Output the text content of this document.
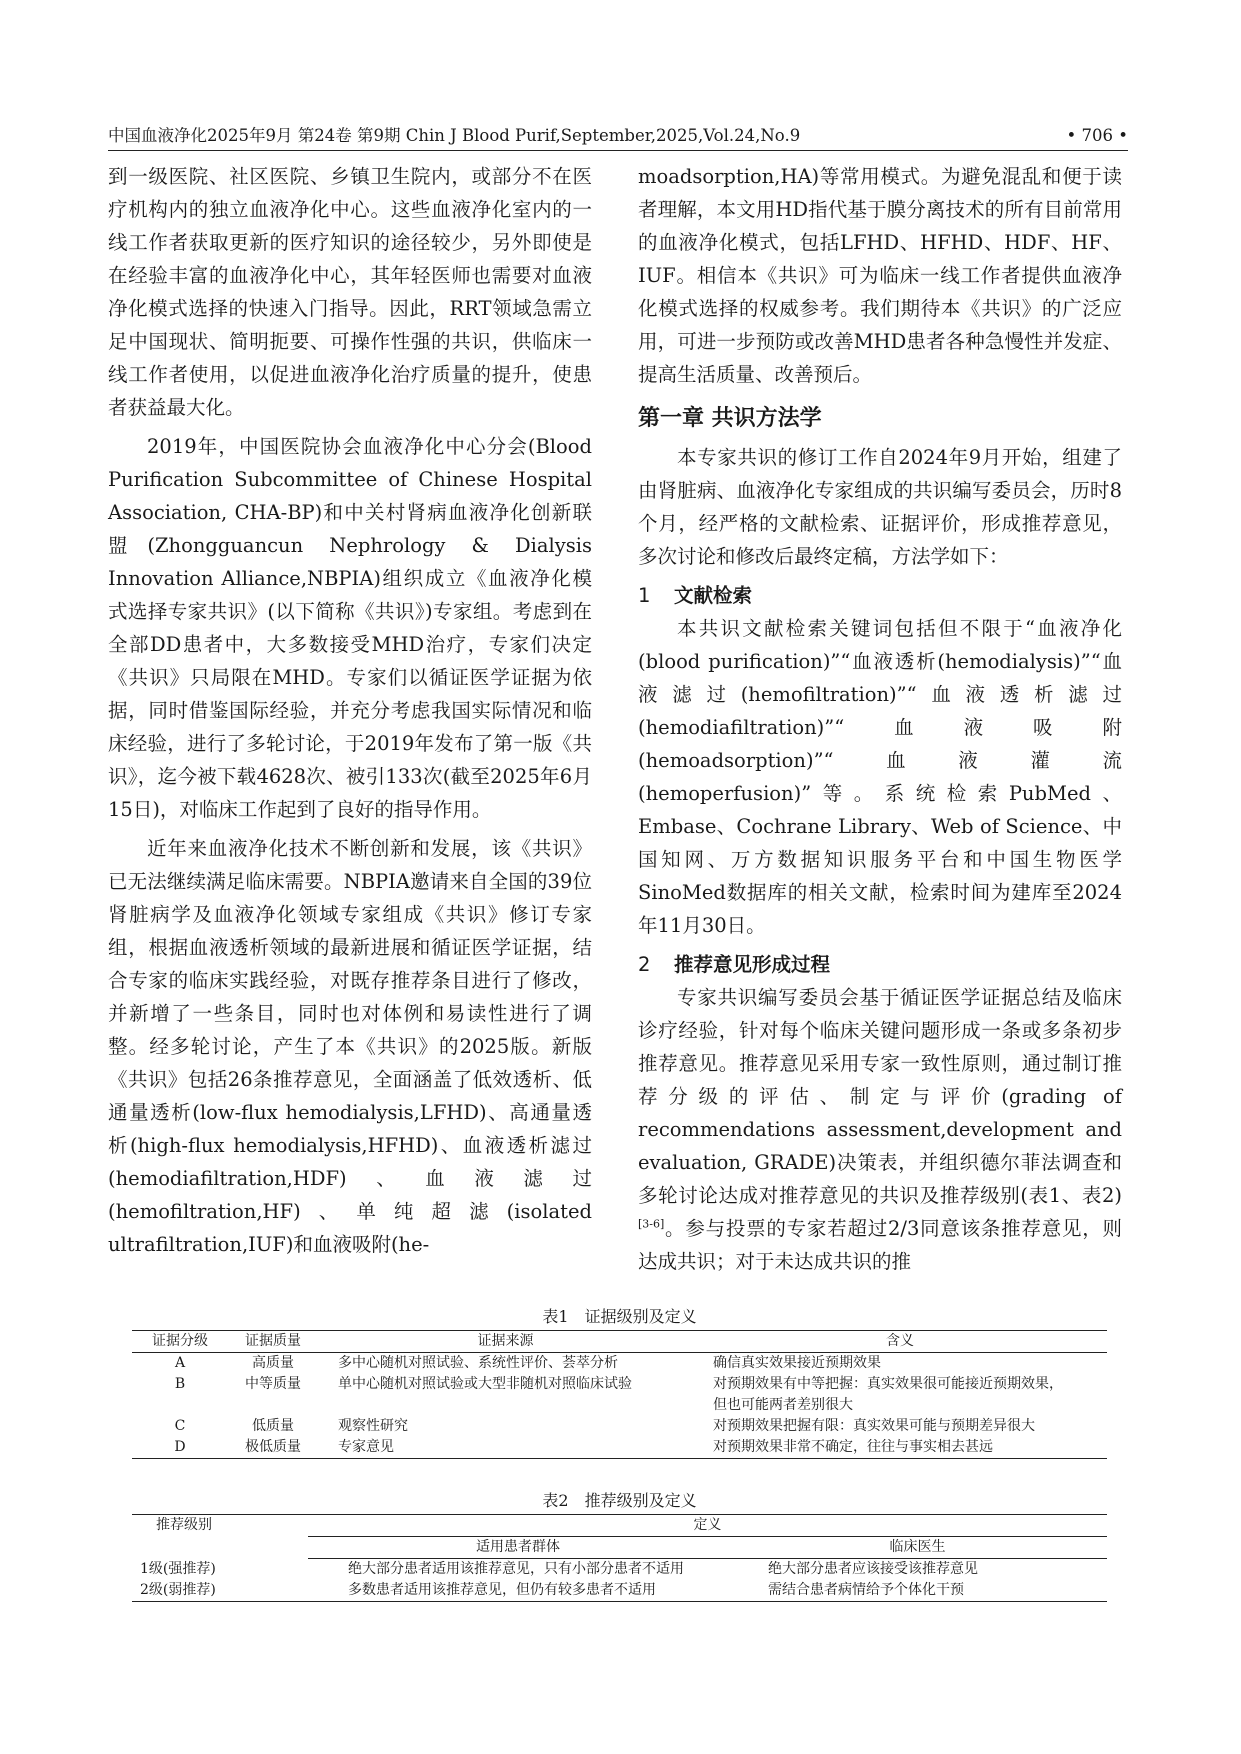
中国血液净化2025年9月 第24卷 第9期 Chin J Blood Purif,September,2025,Vol.24,No.9	• 706 •

到一级医院、社区医院、乡镇卫生院内，或部分不在医疗机构内的独立血液净化中心。这些血液净化室内的一线工作者获取更新的医疗知识的途径较少，另外即使是在经验丰富的血液净化中心，其年轻医师也需要对血液净化模式选择的快速入门指导。因此，RRT领域急需立足中国现状、简明扼要、可操作性强的共识，供临床一线工作者使用，以促进血液净化治疗质量的提升，使患者获益最大化。

2019年，中国医院协会血液净化中心分会(Blood Purification Subcommittee of Chinese Hospital Association, CHA-BP)和中关村肾病血液净化创新联盟(Zhongguancun Nephrology & Dialysis Innovation Alliance,NBPIA)组织成立《血液净化模式选择专家共识》(以下简称《共识》)专家组。考虑到在全部DD患者中，大多数接受MHD治疗，专家们决定《共识》只局限在MHD。专家们以循证医学证据为依据，同时借鉴国际经验，并充分考虑我国实际情况和临床经验，进行了多轮讨论，于2019年发布了第一版《共识》，迄今被下载4628次、被引133次(截至2025年6月15日)，对临床工作起到了良好的指导作用。

近年来血液净化技术不断创新和发展，该《共识》已无法继续满足临床需要。NBPIA邀请来自全国的39位肾脏病学及血液净化领域专家组成《共识》修订专家组，根据血液透析领域的最新进展和循证医学证据，结合专家的临床实践经验，对既存推荐条目进行了修改，并新增了一些条目，同时也对体例和易读性进行了调整。经多轮讨论，产生了本《共识》的2025版。新版《共识》包括26条推荐意见，全面涵盖了低效透析、低通量透析(low-flux hemodialysis,LFHD)、高通量透析(high-flux hemodialysis,HFHD)、血液透析滤过(hemodiafiltration,HDF)、血液滤过(hemofiltration,HF)、单纯超滤(isolated ultrafiltration,IUF)和血液吸附(he-

moadsorption,HA)等常用模式。为避免混乱和便于读者理解，本文用HD指代基于膜分离技术的所有目前常用的血液净化模式，包括LFHD、HFHD、HDF、HF、IUF。相信本《共识》可为临床一线工作者提供血液净化模式选择的权威参考。我们期待本《共识》的广泛应用，可进一步预防或改善MHD患者各种急慢性并发症、提高生活质量、改善预后。

第一章 共识方法学

本专家共识的修订工作自2024年9月开始，组建了由肾脏病、血液净化专家组成的共识编写委员会，历时8个月，经严格的文献检索、证据评价，形成推荐意见，多次讨论和修改后最终定稿，方法学如下：

1 文献检索

本共识文献检索关键词包括但不限于“血液净化(blood purification)”“血液透析(hemodialysis)”“血液滤过(hemofiltration)”“血液透析滤过(hemodiafiltration)”“血液吸附(hemoadsorption)”“血液灌流(hemoperfusion)”等。系统检索PubMed、Embase、Cochrane Library、Web of Science、中国知网、万方数据知识服务平台和中国生物医学SinoMed数据库的相关文献，检索时间为建库至2024年11月30日。

2 推荐意见形成过程

专家共识编写委员会基于循证医学证据总结及临床诊疗经验，针对每个临床关键问题形成一条或多条初步推荐意见。推荐意见采用专家一致性原则，通过制订推荐分级的评估、制定与评价(grading of recommendations assessment,development and evaluation, GRADE)决策表，并组织德尔菲法调查和多轮讨论达成对推荐意见的共识及推荐级别(表1、表2)[3-6]。参与投票的专家若超过2/3同意该条推荐意见，则达成共识；对于未达成共识的推

表1　证据级别及定义
证据分级	证据质量	证据来源	含义
A	高质量	多中心随机对照试验、系统性评价、荟萃分析	确信真实效果接近预期效果
B	中等质量	单中心随机对照试验或大型非随机对照临床试验	对预期效果有中等把握：真实效果很可能接近预期效果，但也可能两者差别很大
C	低质量	观察性研究	对预期效果把握有限：真实效果可能与预期差异很大
D	极低质量	专家意见	对预期效果非常不确定，往往与事实相去甚远
表2　推荐级别及定义
推荐级别	定义	
	适用患者群体	临床医生
1级(强推荐)	绝大部分患者适用该推荐意见，只有小部分患者不适用	绝大部分患者应该接受该推荐意见
2级(弱推荐)	多数患者适用该推荐意见，但仍有较多患者不适用	需结合患者病情给予个体化干预
